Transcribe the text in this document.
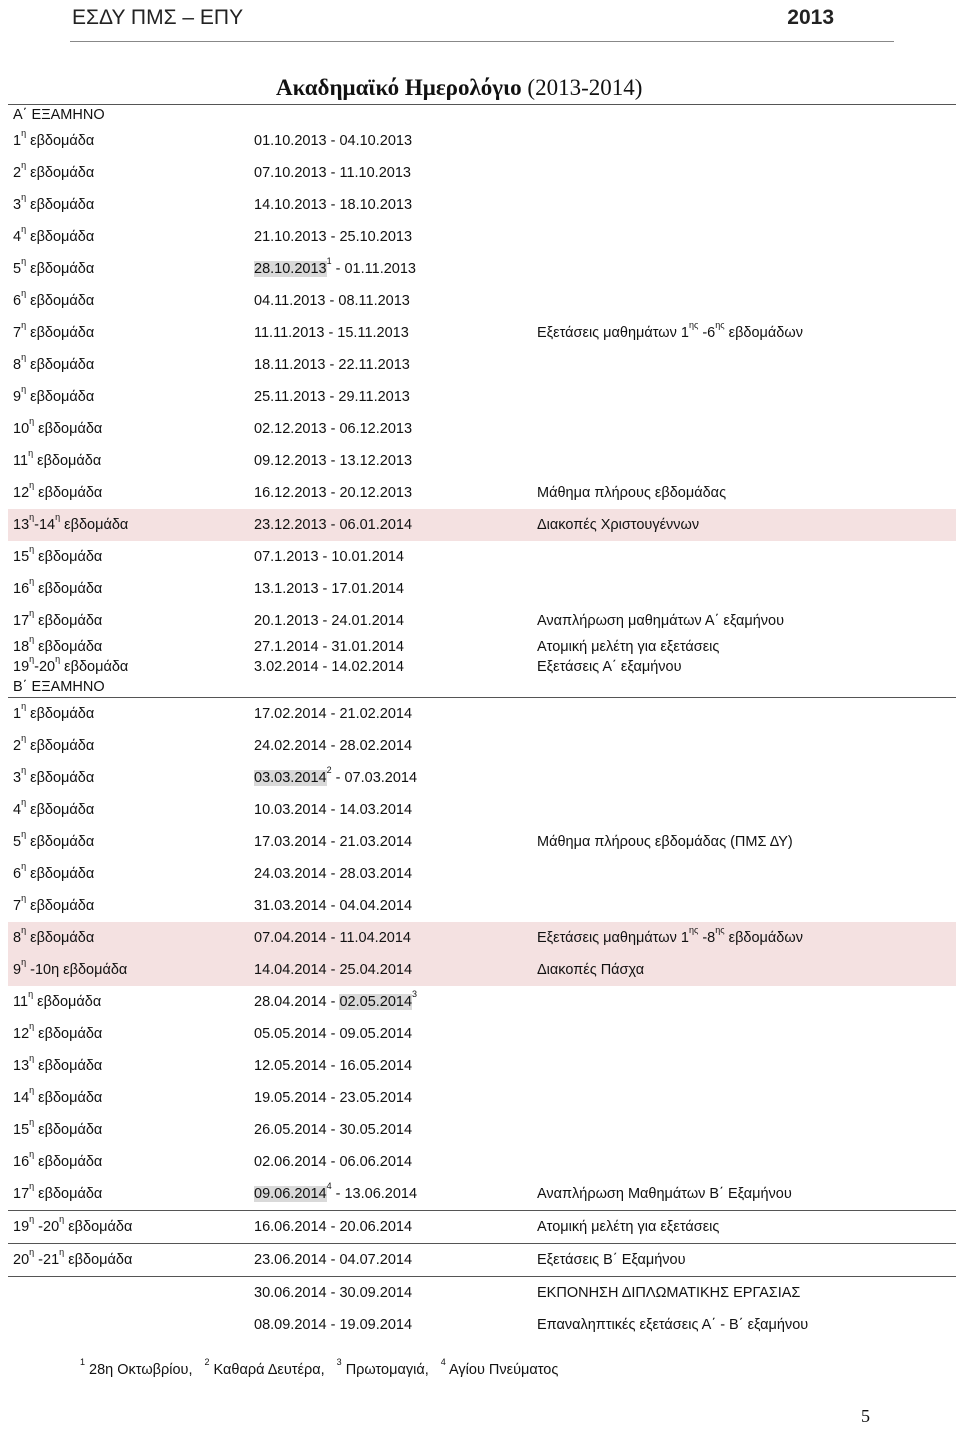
ΕΣΔΥ ΠΜΣ – ΕΠΥ	2013
Ακαδημαϊκό Ημερολόγιο (2013-2014)
Α΄ ΕΞΑΜΗΝΟ
$1^\eta$ εβδομάδα	01.10.2013 - 04.10.2013
$2^\eta$ εβδομάδα	07.10.2013 - 11.10.2013
$3^\eta$ εβδομάδα	14.10.2013 - 18.10.2013
$4^\eta$ εβδομάδα	21.10.2013 - 25.10.2013
$5^\eta$ εβδομάδα	28.10.2013$^1$ - 01.11.2013
$6^\eta$ εβδομάδα	04.11.2013 - 08.11.2013
$7^\eta$ εβδομάδα	11.11.2013 - 15.11.2013	Εξετάσεις μαθημάτων $1^{\eta\varsigma}$ $-6^{\eta\varsigma}$ εβδομάδων
$8^\eta$ εβδομάδα	18.11.2013 - 22.11.2013
$9^\eta$ εβδομάδα	25.11.2013 - 29.11.2013
$10^\eta$ εβδομάδα	02.12.2013 - 06.12.2013
$11^\eta$ εβδομάδα	09.12.2013 - 13.12.2013
$12^\eta$ εβδομάδα	16.12.2013 - 20.12.2013	Μάθημα πλήρους εβδομάδας
$13^\eta-14^\eta$ εβδομάδα	23.12.2013 - 06.01.2014	Διακοπές Χριστουγέννων
$15^\eta$ εβδομάδα	07.1.2013 - 10.01.2014
$16^\eta$ εβδομάδα	13.1.2013 - 17.01.2014
$17^\eta$ εβδομάδα	20.1.2013 - 24.01.2014	Αναπλήρωση μαθημάτων Α΄ εξαμήνου
$18^\eta$ εβδομάδα	27.1.2014 - 31.01.2014	Ατομική μελέτη για εξετάσεις
$19^\eta-20^\eta$ εβδομάδα	3.02.2014 - 14.02.2014	Εξετάσεις Α΄ εξαμήνου
Β΄ ΕΞΑΜΗΝΟ
$1^\eta$ εβδομάδα	17.02.2014 - 21.02.2014
$2^\eta$ εβδομάδα	24.02.2014 - 28.02.2014
$3^\eta$ εβδομάδα	03.03.2014$^2$ - 07.03.2014
$4^\eta$ εβδομάδα	10.03.2014 - 14.03.2014
$5^\eta$ εβδομάδα	17.03.2014 - 21.03.2014	Μάθημα πλήρους εβδομάδας (ΠΜΣ ΔΥ)
$6^\eta$ εβδομάδα	24.03.2014 - 28.03.2014
$7^\eta$ εβδομάδα	31.03.2014 - 04.04.2014
$8^\eta$ εβδομάδα	07.04.2014 - 11.04.2014	Εξετάσεις μαθημάτων $1^{\eta\varsigma}$ $-8^{\eta\varsigma}$ εβδομάδων
$9^\eta$ -10η εβδομάδα	14.04.2014 - 25.04.2014	Διακοπές Πάσχα
$11^\eta$ εβδομάδα	28.04.2014 - 02.05.2014$^3$
$12^\eta$ εβδομάδα	05.05.2014 - 09.05.2014
$13^\eta$ εβδομάδα	12.05.2014 - 16.05.2014
$14^\eta$ εβδομάδα	19.05.2014 - 23.05.2014
$15^\eta$ εβδομάδα	26.05.2014 - 30.05.2014
$16^\eta$ εβδομάδα	02.06.2014 - 06.06.2014
$17^\eta$ εβδομάδα	09.06.2014$^4$ - 13.06.2014	Αναπλήρωση Μαθημάτων Β΄ Εξαμήνου
$19^\eta$ $-20^\eta$ εβδομάδα	16.06.2014 - 20.06.2014	Ατομική μελέτη για εξετάσεις
$20^\eta$ $-21^\eta$ εβδομάδα	23.06.2014 - 04.07.2014	Εξετάσεις Β΄ Εξαμήνου
30.06.2014 - 30.09.2014	ΕΚΠΟΝΗΣΗ ΔΙΠΛΩΜΑΤΙΚΗΣ ΕΡΓΑΣΙΑΣ
08.09.2014 - 19.09.2014	Επαναληπτικές εξετάσεις Α΄ - Β΄ εξαμήνου
$^1$ 28η Οκτωβρίου, $^2$ Καθαρά Δευτέρα, $^3$ Πρωτομαγιά, $^4$ Αγίου Πνεύματος
5
